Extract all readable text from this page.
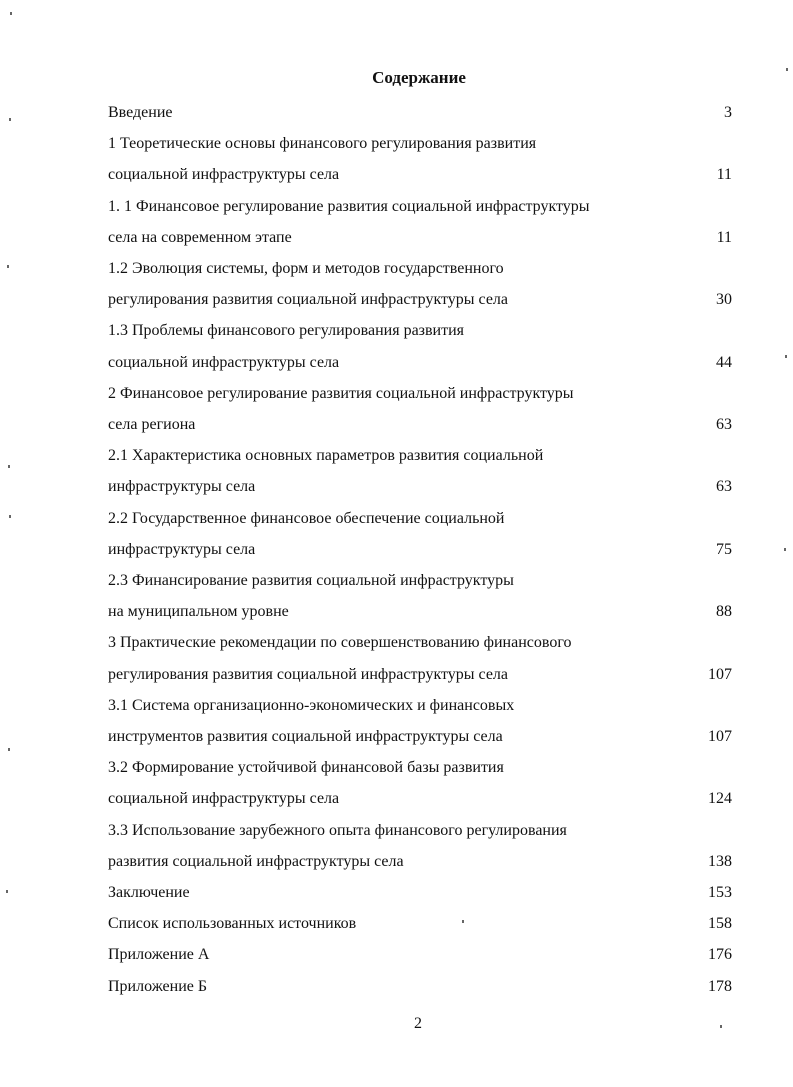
Содержание
Введение	3
1 Теоретические основы финансового регулирования развития
социальной инфраструктуры села	11
1. 1 Финансовое регулирование развития социальной инфраструктуры
села на современном этапе	11
1.2 Эволюция системы, форм и методов государственного
регулирования развития социальной инфраструктуры села	30
1.3 Проблемы финансового регулирования развития
социальной инфраструктуры села	44
2 Финансовое регулирование развития социальной инфраструктуры
села региона	63
2.1 Характеристика основных параметров развития социальной
инфраструктуры села	63
2.2 Государственное финансовое обеспечение социальной
инфраструктуры села	75
2.3 Финансирование развития социальной инфраструктуры
на муниципальном уровне	88
3 Практические рекомендации по совершенствованию финансового
регулирования развития социальной инфраструктуры села	107
3.1 Система организационно-экономических и финансовых
инструментов развития социальной инфраструктуры села	107
3.2 Формирование устойчивой финансовой базы развития
социальной инфраструктуры села	124
3.3 Использование зарубежного опыта финансового регулирования
развития социальной инфраструктуры села	138
Заключение	153
Список использованных источников	158
Приложение А	176
Приложение Б	178
2
